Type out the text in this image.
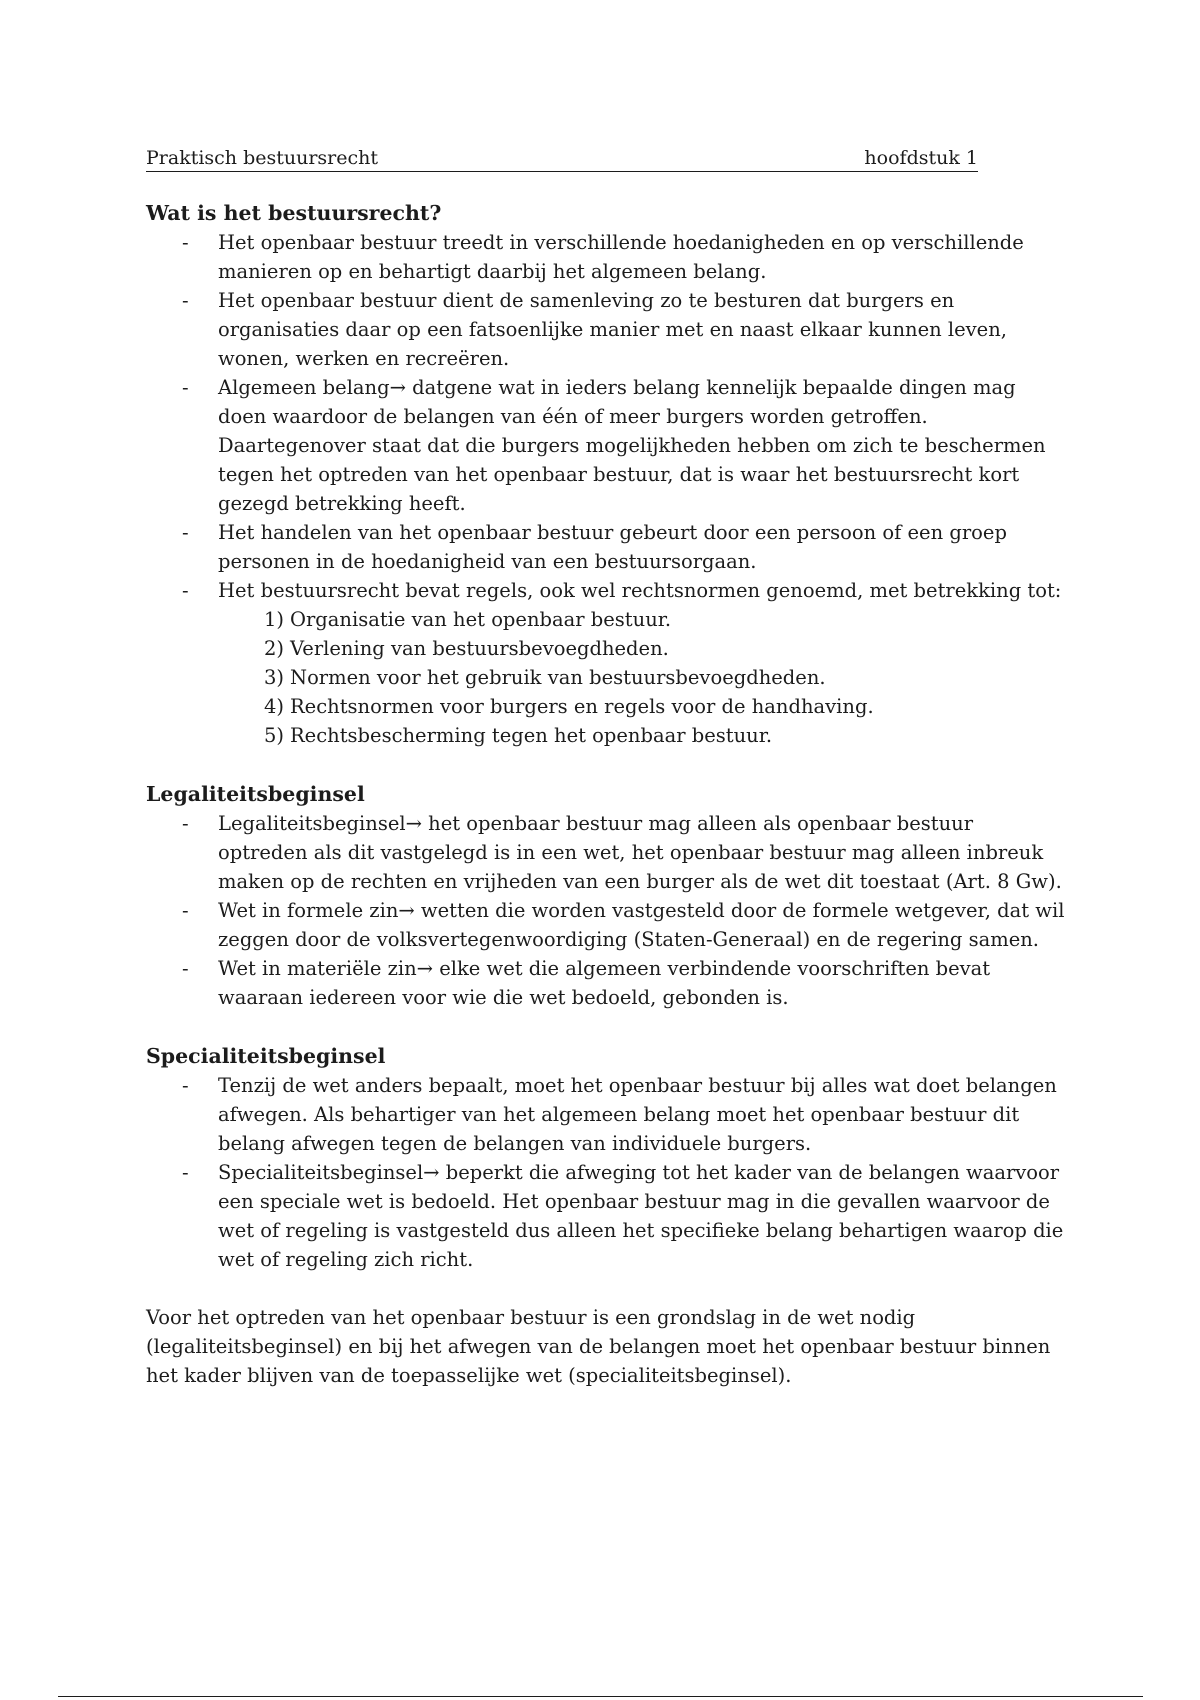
Praktisch bestuursrecht	hoofdstuk 1
Wat is het bestuursrecht?
- Het openbaar bestuur treedt in verschillende hoedanigheden en op verschillende manieren op en behartigt daarbij het algemeen belang.
- Het openbaar bestuur dient de samenleving zo te besturen dat burgers en organisaties daar op een fatsoenlijke manier met en naast elkaar kunnen leven, wonen, werken en recreëren.
- Algemeen belang→ datgene wat in ieders belang kennelijk bepaalde dingen mag doen waardoor de belangen van één of meer burgers worden getroffen. Daartegenover staat dat die burgers mogelijkheden hebben om zich te beschermen tegen het optreden van het openbaar bestuur, dat is waar het bestuursrecht kort gezegd betrekking heeft.
- Het handelen van het openbaar bestuur gebeurt door een persoon of een groep personen in de hoedanigheid van een bestuursorgaan.
- Het bestuursrecht bevat regels, ook wel rechtsnormen genoemd, met betrekking tot:
1) Organisatie van het openbaar bestuur.
2) Verlening van bestuursbevoegdheden.
3) Normen voor het gebruik van bestuursbevoegdheden.
4) Rechtsnormen voor burgers en regels voor de handhaving.
5) Rechtsbescherming tegen het openbaar bestuur.
Legaliteitsbeginsel
- Legaliteitsbeginsel→ het openbaar bestuur mag alleen als openbaar bestuur optreden als dit vastgelegd is in een wet, het openbaar bestuur mag alleen inbreuk maken op de rechten en vrijheden van een burger als de wet dit toestaat (Art. 8 Gw).
- Wet in formele zin→ wetten die worden vastgesteld door de formele wetgever, dat wil zeggen door de volksvertegenwoordiging (Staten-Generaal) en de regering samen.
- Wet in materiële zin→ elke wet die algemeen verbindende voorschriften bevat waaraan iedereen voor wie die wet bedoeld, gebonden is.
Specialiteitsbeginsel
- Tenzij de wet anders bepaalt, moet het openbaar bestuur bij alles wat doet belangen afwegen. Als behartiger van het algemeen belang moet het openbaar bestuur dit belang afwegen tegen de belangen van individuele burgers.
- Specialiteitsbeginsel→ beperkt die afweging tot het kader van de belangen waarvoor een speciale wet is bedoeld. Het openbaar bestuur mag in die gevallen waarvoor de wet of regeling is vastgesteld dus alleen het specifieke belang behartigen waarop die wet of regeling zich richt.

Voor het optreden van het openbaar bestuur is een grondslag in de wet nodig (legaliteitsbeginsel) en bij het afwegen van de belangen moet het openbaar bestuur binnen het kader blijven van de toepasselijke wet (specialiteitsbeginsel).
